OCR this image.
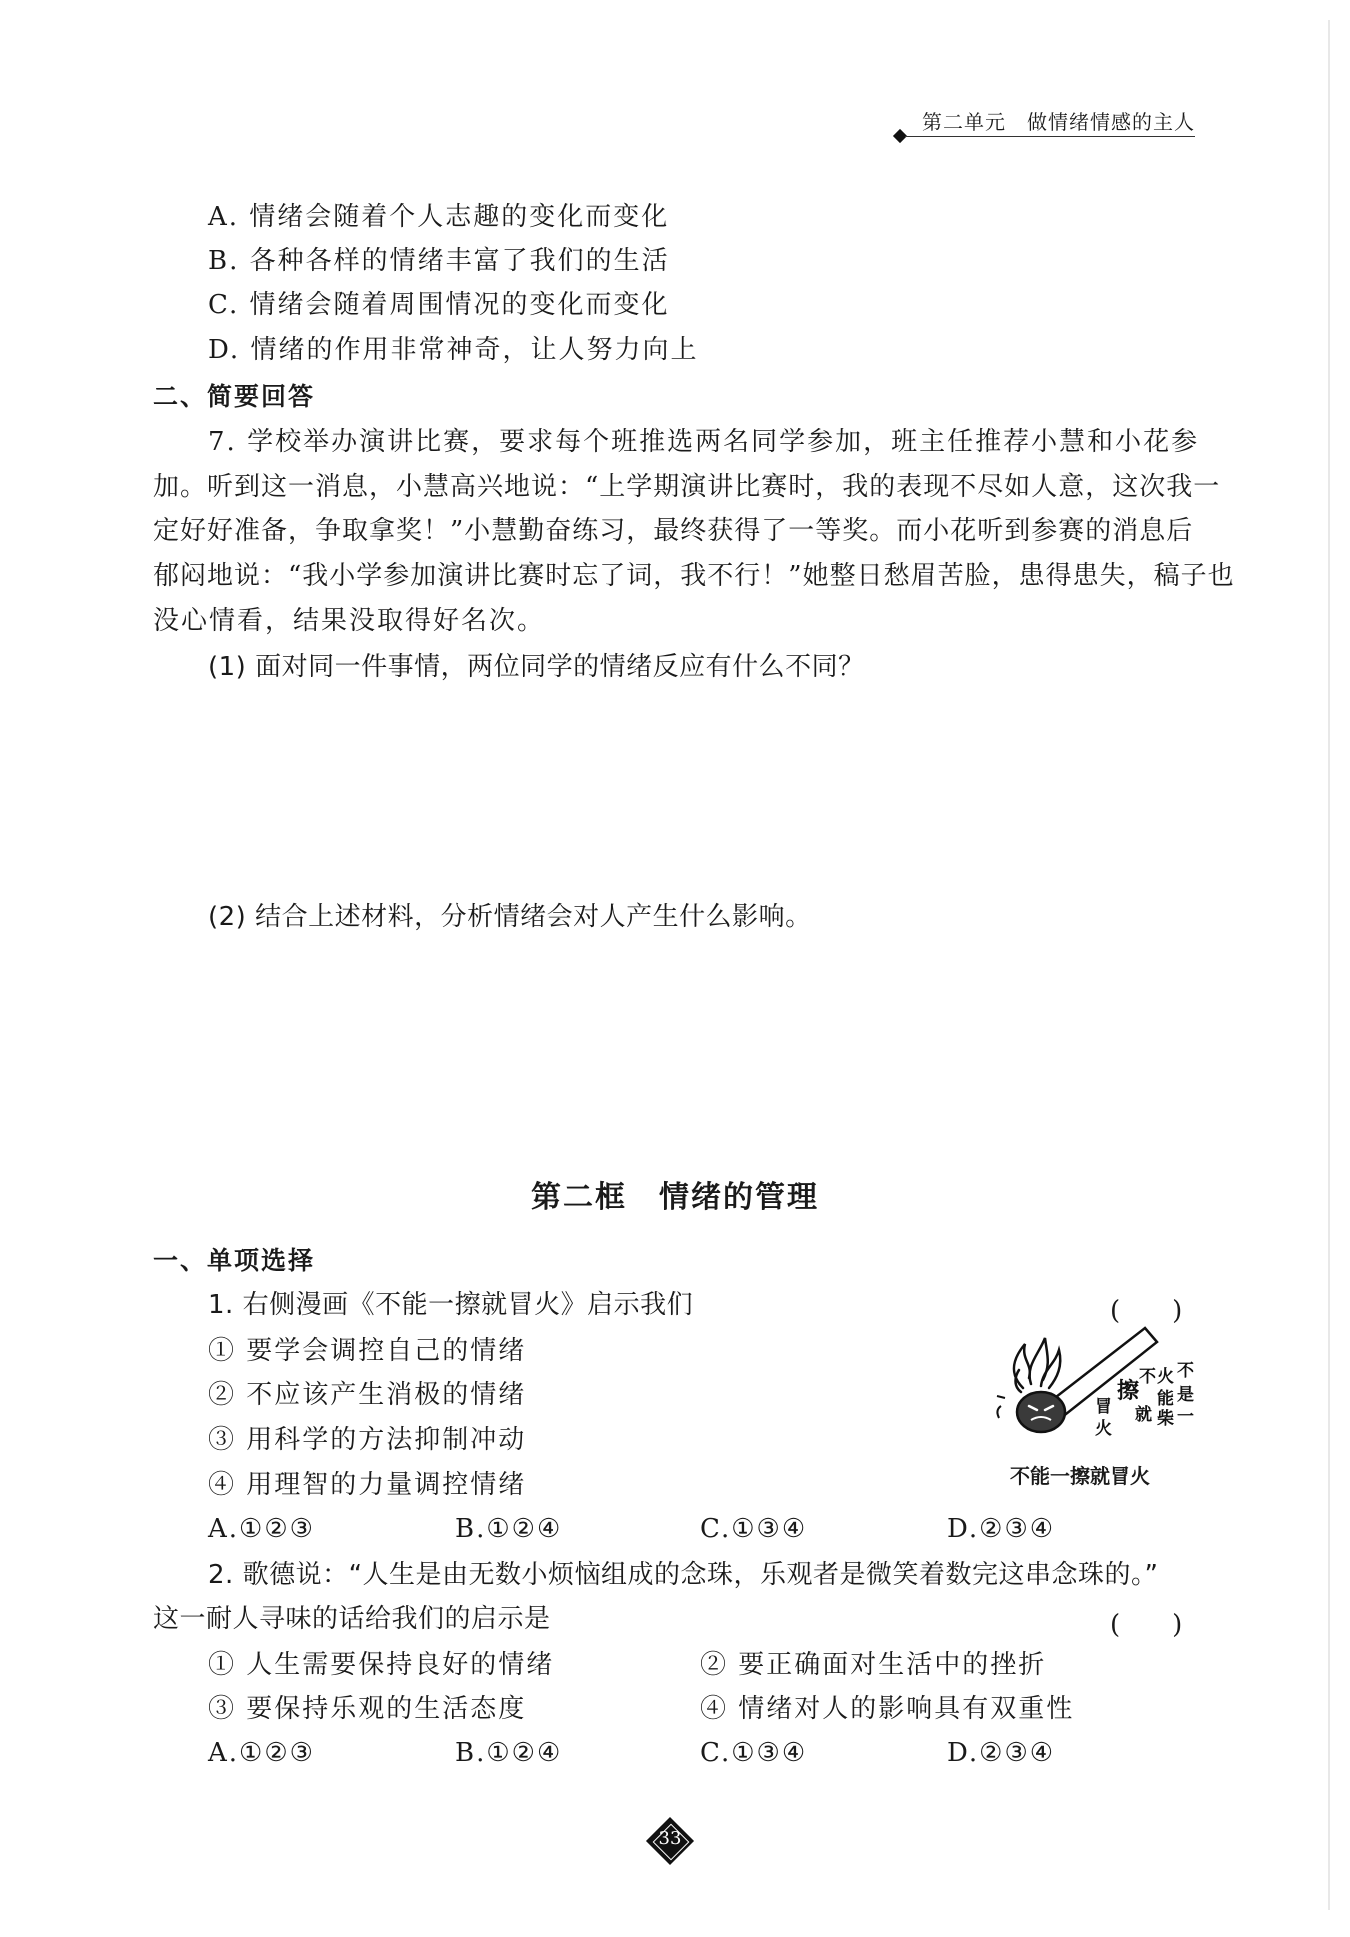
第二单元　做情绪情感的主人
A. 情绪会随着个人志趣的变化而变化
B. 各种各样的情绪丰富了我们的生活
C. 情绪会随着周围情况的变化而变化
D. 情绪的作用非常神奇，让人努力向上
二、简要回答
7. 学校举办演讲比赛，要求每个班推选两名同学参加，班主任推荐小慧和小花参
加。听到这一消息，小慧高兴地说：“上学期演讲比赛时，我的表现不尽如人意，这次我一
定好好准备，争取拿奖！”小慧勤奋练习，最终获得了一等奖。而小花听到参赛的消息后
郁闷地说：“我小学参加演讲比赛时忘了词，我不行！”她整日愁眉苦脸，患得患失，稿子也
没心情看，结果没取得好名次。
(1) 面对同一件事情，两位同学的情绪反应有什么不同？
(2) 结合上述材料，分析情绪会对人产生什么影响。
第二框　情绪的管理
一、单项选择
1. 右侧漫画《不能一擦就冒火》启示我们	(　　)
① 要学会调控自己的情绪
② 不应该产生消极的情绪
③ 用科学的方法抑制冲动
④ 用理智的力量调控情绪
A.①②③	B.①②④	C.①③④	D.②③④
不
火
能
柴
不
是
一
擦
就
冒
火
不能一擦就冒火
2. 歌德说：“人生是由无数小烦恼组成的念珠，乐观者是微笑着数完这串念珠的。”
这一耐人寻味的话给我们的启示是	(　　)
① 人生需要保持良好的情绪	② 要正确面对生活中的挫折
③ 要保持乐观的生活态度	④ 情绪对人的影响具有双重性
A.①②③	B.①②④	C.①③④	D.②③④
33
